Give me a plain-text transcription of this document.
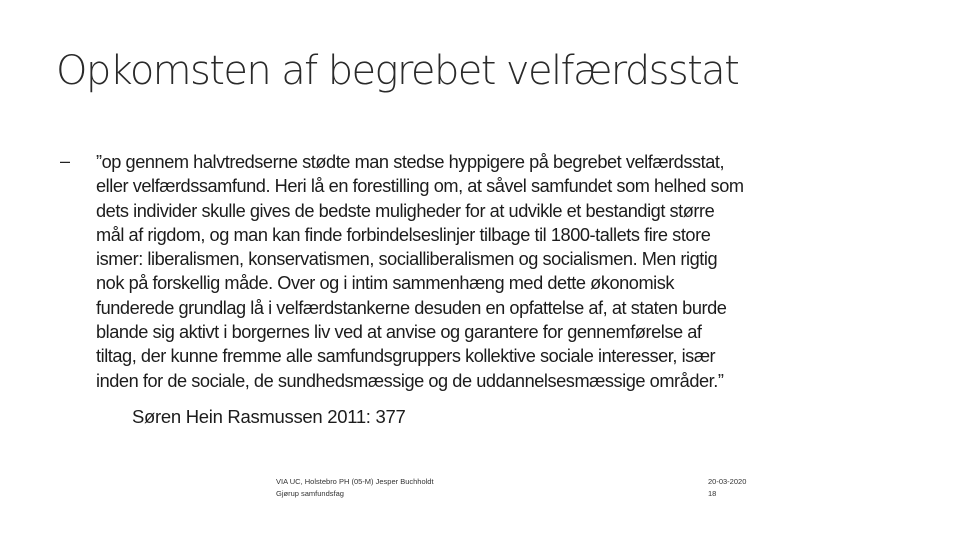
Opkomsten af begrebet velfærdsstat
– ”op gennem halvtredserne stødte man stedse hyppigere på begrebet velfærdsstat,
eller velfærdssamfund. Heri lå en forestilling om, at såvel samfundet som helhed som
dets individer skulle gives de bedste muligheder for at udvikle et bestandigt større
mål af rigdom, og man kan finde forbindelseslinjer tilbage til 1800-tallets fire store
ismer: liberalismen, konservatismen, socialliberalismen og socialismen. Men rigtig
nok på forskellig måde. Over og i intim sammenhæng med dette økonomisk
funderede grundlag lå i velfærdstankerne desuden en opfattelse af, at staten burde
blande sig aktivt i borgernes liv ved at anvise og garantere for gennemførelse af
tiltag, der kunne fremme alle samfundsgruppers kollektive sociale interesser, især
inden for de sociale, de sundhedsmæssige og de uddannelsesmæssige områder.”

Søren Hein Rasmussen 2011: 377

VIA UC, Holstebro PH (05-M) Jesper Buchholdt
Gjørup samfundsfag
20-03-2020
18
